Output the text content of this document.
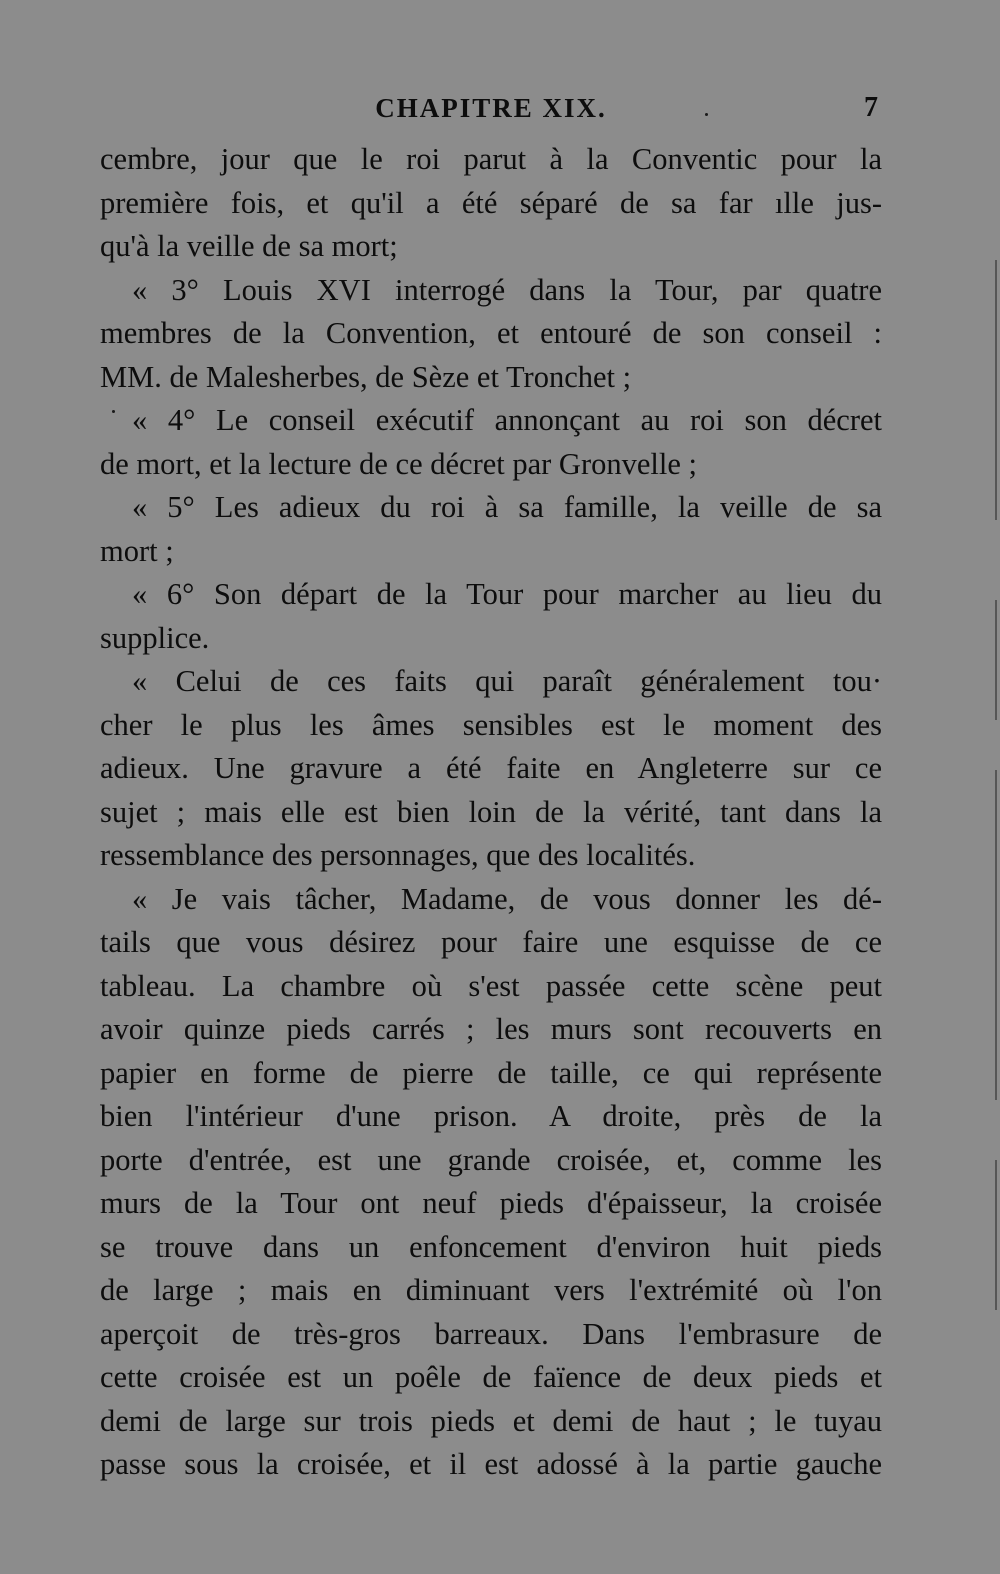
CHAPITRE XIX.	7
cembre, jour que le roi parut à la Conventic pour la
première fois, et qu'il a été séparé de sa far ılle jus-
qu'à la veille de sa mort;
« 3° Louis XVI interrogé dans la Tour, par quatre
membres de la Convention, et entouré de son conseil :
MM. de Malesherbes, de Sèze et Tronchet ;
« 4° Le conseil exécutif annonçant au roi son décret
de mort, et la lecture de ce décret par Gronvelle ;
« 5° Les adieux du roi à sa famille, la veille de sa
mort ;
« 6° Son départ de la Tour pour marcher au lieu du
supplice.
« Celui de ces faits qui paraît généralement tou·
cher le plus les âmes sensibles est le moment des
adieux. Une gravure a été faite en Angleterre sur ce
sujet ; mais elle est bien loin de la vérité, tant dans la
ressemblance des personnages, que des localités.
« Je vais tâcher, Madame, de vous donner les dé-
tails que vous désirez pour faire une esquisse de ce
tableau. La chambre où s'est passée cette scène peut
avoir quinze pieds carrés ; les murs sont recouverts en
papier en forme de pierre de taille, ce qui représente
bien l'intérieur d'une prison. A droite, près de la
porte d'entrée, est une grande croisée, et, comme les
murs de la Tour ont neuf pieds d'épaisseur, la croisée
se trouve dans un enfoncement d'environ huit pieds
de large ; mais en diminuant vers l'extrémité où l'on
aperçoit de très-gros barreaux. Dans l'embrasure de
cette croisée est un poêle de faïence de deux pieds et
demi de large sur trois pieds et demi de haut ; le tuyau
passe sous la croisée, et il est adossé à la partie gauche
